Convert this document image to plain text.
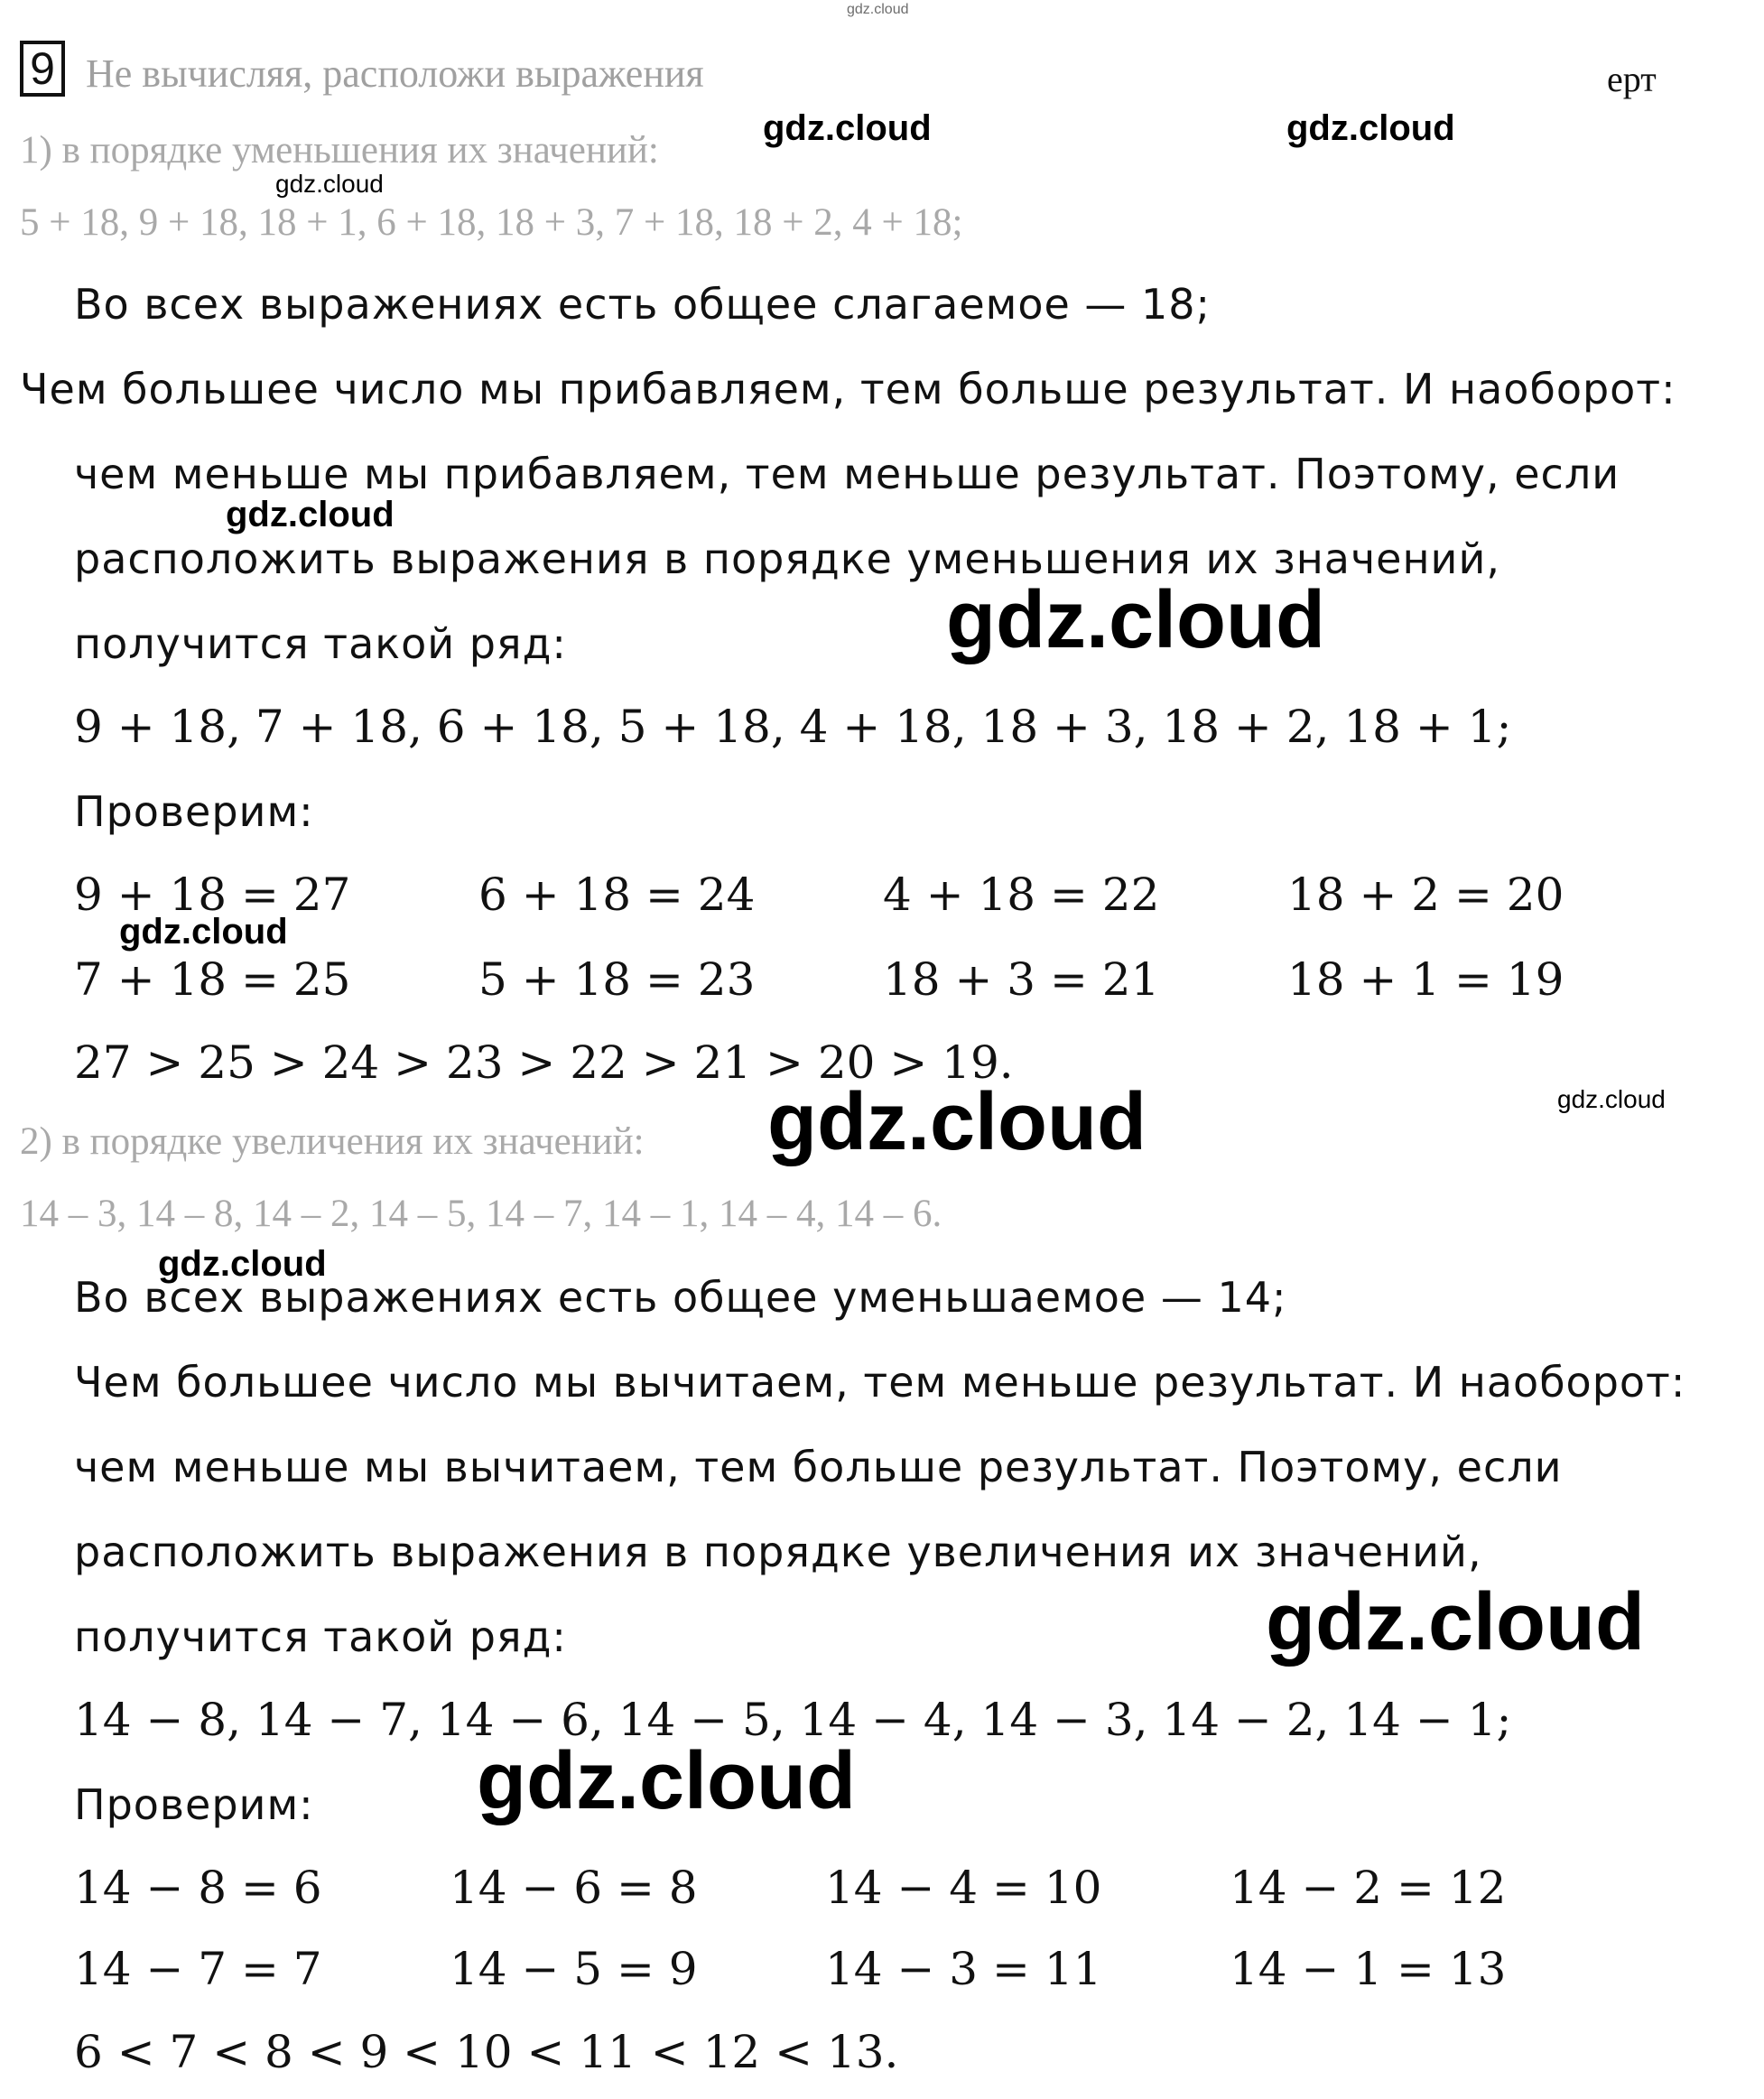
gdz.cloud
9 Не вычисляя, расположи выражения	ерт
1) в порядке уменьшения их значений:
5 + 18, 9 + 18, 18 + 1, 6 + 18, 18 + 3, 7 + 18, 18 + 2, 4 + 18;
Во всех выражениях есть общее слагаемое — 18;
Чем большее число мы прибавляем, тем больше результат. И наоборот:
чем меньше мы прибавляем, тем меньше результат. Поэтому, если
расположить выражения в порядке уменьшения их значений,
получится такой ряд:
9 + 18, 7 + 18, 6 + 18, 5 + 18, 4 + 18, 18 + 3, 18 + 2, 18 + 1;
Проверим:
9 + 18 = 27	6 + 18 = 24	4 + 18 = 22	18 + 2 = 20
7 + 18 = 25	5 + 18 = 23	18 + 3 = 21	18 + 1 = 19
27 > 25 > 24 > 23 > 22 > 21 > 20 > 19.
2) в порядке увеличения их значений:
14 – 3, 14 – 8, 14 – 2, 14 – 5, 14 – 7, 14 – 1, 14 – 4, 14 – 6.
Во всех выражениях есть общее уменьшаемое — 14;
Чем большее число мы вычитаем, тем меньше результат. И наоборот:
чем меньше мы вычитаем, тем больше результат. Поэтому, если
расположить выражения в порядке увеличения их значений,
получится такой ряд:
14 − 8, 14 − 7, 14 − 6, 14 − 5, 14 − 4, 14 − 3, 14 − 2, 14 − 1;
Проверим:
14 − 8 = 6	14 − 6 = 8	14 − 4 = 10	14 − 2 = 12
14 − 7 = 7	14 − 5 = 9	14 − 3 = 11	14 − 1 = 13
6 < 7 < 8 < 9 < 10 < 11 < 12 < 13.
gdz.cloud	gdz.cloud
gdz.cloud
gdz.cloud
gdz.cloud
gdz.cloud
gdz.cloud
gdz.cloud
gdz.cloud
gdz.cloud
gdz.cloud
